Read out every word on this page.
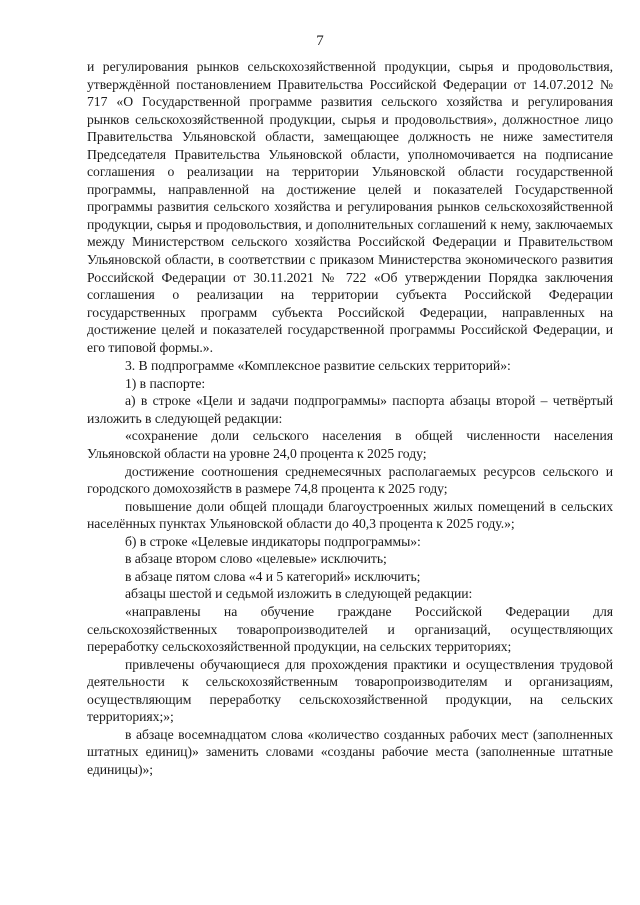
7

и регулирования рынков сельскохозяйственной продукции, сырья и продовольствия, утверждённой постановлением Правительства Российской Федерации от 14.07.2012 № 717 «О Государственной программе развития сельского хозяйства и регулирования рынков сельскохозяйственной продукции, сырья и продовольствия», должностное лицо Правительства Ульяновской области, замещающее должность не ниже заместителя Председателя Правительства Ульяновской области, уполномочивается на подписание соглашения о реализации на территории Ульяновской области государственной программы, направленной на достижение целей и показателей Государственной программы развития сельского хозяйства и регулирования рынков сельскохозяйственной продукции, сырья и продовольствия, и дополнительных соглашений к нему, заключаемых между Министерством сельского хозяйства Российской Федерации и Правительством Ульяновской области, в соответствии с приказом Министерства экономического развития Российской Федерации от 30.11.2021 № 722 «Об утверждении Порядка заключения соглашения о реализации на территории субъекта Российской Федерации государственных программ субъекта Российской Федерации, направленных на достижение целей и показателей государственной программы Российской Федерации, и его типовой формы.».

3. В подпрограмме «Комплексное развитие сельских территорий»:

1) в паспорте:

а) в строке «Цели и задачи подпрограммы» паспорта абзацы второй – четвёртый изложить в следующей редакции:

«сохранение доли сельского населения в общей численности населения Ульяновской области на уровне 24,0 процента к 2025 году;

достижение соотношения среднемесячных располагаемых ресурсов сельского и городского домохозяйств в размере 74,8 процента к 2025 году;

повышение доли общей площади благоустроенных жилых помещений в сельских населённых пунктах Ульяновской области до 40,3 процента к 2025 году.»;

б) в строке «Целевые индикаторы подпрограммы»:

в абзаце втором слово «целевые» исключить;

в абзаце пятом слова «4 и 5 категорий» исключить;

абзацы шестой и седьмой изложить в следующей редакции:

«направлены на обучение граждане Российской Федерации для сельскохозяйственных товаропроизводителей и организаций, осуществляющих переработку сельскохозяйственной продукции, на сельских территориях;

привлечены обучающиеся для прохождения практики и осуществления трудовой деятельности к сельскохозяйственным товаропроизводителям и организациям, осуществляющим переработку сельскохозяйственной продукции, на сельских территориях;»;

в абзаце восемнадцатом слова «количество созданных рабочих мест (заполненных штатных единиц)» заменить словами «созданы рабочие места (заполненные штатные единицы)»;
